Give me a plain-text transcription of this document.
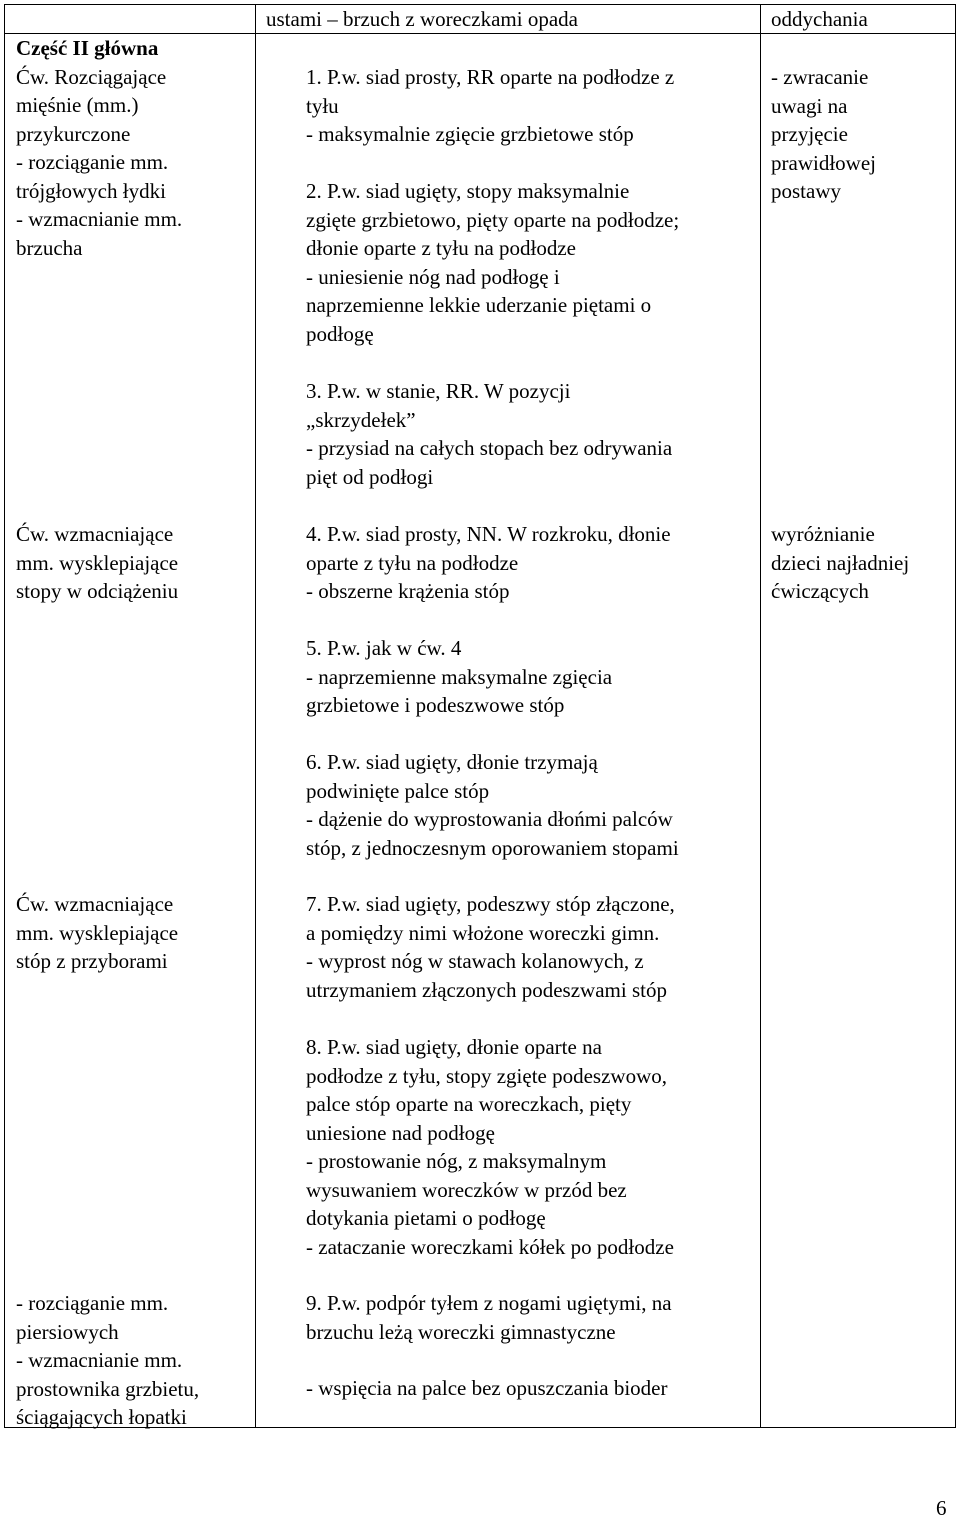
ustami – brzuch z woreczkami opada	oddychania
Część II główna
Ćw. Rozciągające
mięśnie (mm.)
przykurczone
- rozciąganie mm.
trójgłowych łydki
- wzmacnianie mm.
brzucha
Ćw. wzmacniające
mm. wysklepiające
stopy w odciążeniu
Ćw. wzmacniające
mm. wysklepiające
stóp z przyborami
- rozciąganie mm.
piersiowych
- wzmacnianie mm.
prostownika grzbietu,
ściągających łopatki
1. P.w. siad prosty, RR oparte na podłodze z
tyłu
- maksymalnie zgięcie grzbietowe stóp
2. P.w. siad ugięty, stopy maksymalnie
zgięte grzbietowo, pięty oparte na podłodze;
dłonie oparte z tyłu na podłodze
- uniesienie nóg nad podłogę i
naprzemienne lekkie uderzanie piętami o
podłogę
3. P.w. w stanie, RR. W pozycji
„skrzydełek”
- przysiad na całych stopach bez odrywania
pięt od podłogi
4. P.w. siad prosty, NN. W rozkroku, dłonie
oparte z tyłu na podłodze
- obszerne krążenia stóp
5. P.w. jak w ćw. 4
- naprzemienne maksymalne zgięcia
grzbietowe i podeszwowe stóp
6. P.w. siad ugięty, dłonie trzymają
podwinięte palce stóp
- dążenie do wyprostowania dłońmi palców
stóp, z jednoczesnym oporowaniem stopami
7. P.w. siad ugięty, podeszwy stóp złączone,
a pomiędzy nimi włożone woreczki gimn.
- wyprost nóg w stawach kolanowych, z
utrzymaniem złączonych podeszwami stóp
8. P.w. siad ugięty, dłonie oparte na
podłodze z tyłu, stopy zgięte podeszwowo,
palce stóp oparte na woreczkach, pięty
uniesione nad podłogę
- prostowanie nóg, z maksymalnym
wysuwaniem woreczków w przód bez
dotykania pietami o podłogę
- zataczanie woreczkami kółek po podłodze
9. P.w. podpór tyłem z nogami ugiętymi, na
brzuchu leżą woreczki gimnastyczne
- wspięcia na palce bez opuszczania bioder
- zwracanie
uwagi na
przyjęcie
prawidłowej
postawy
wyróżnianie
dzieci najładniej
ćwiczących
6
